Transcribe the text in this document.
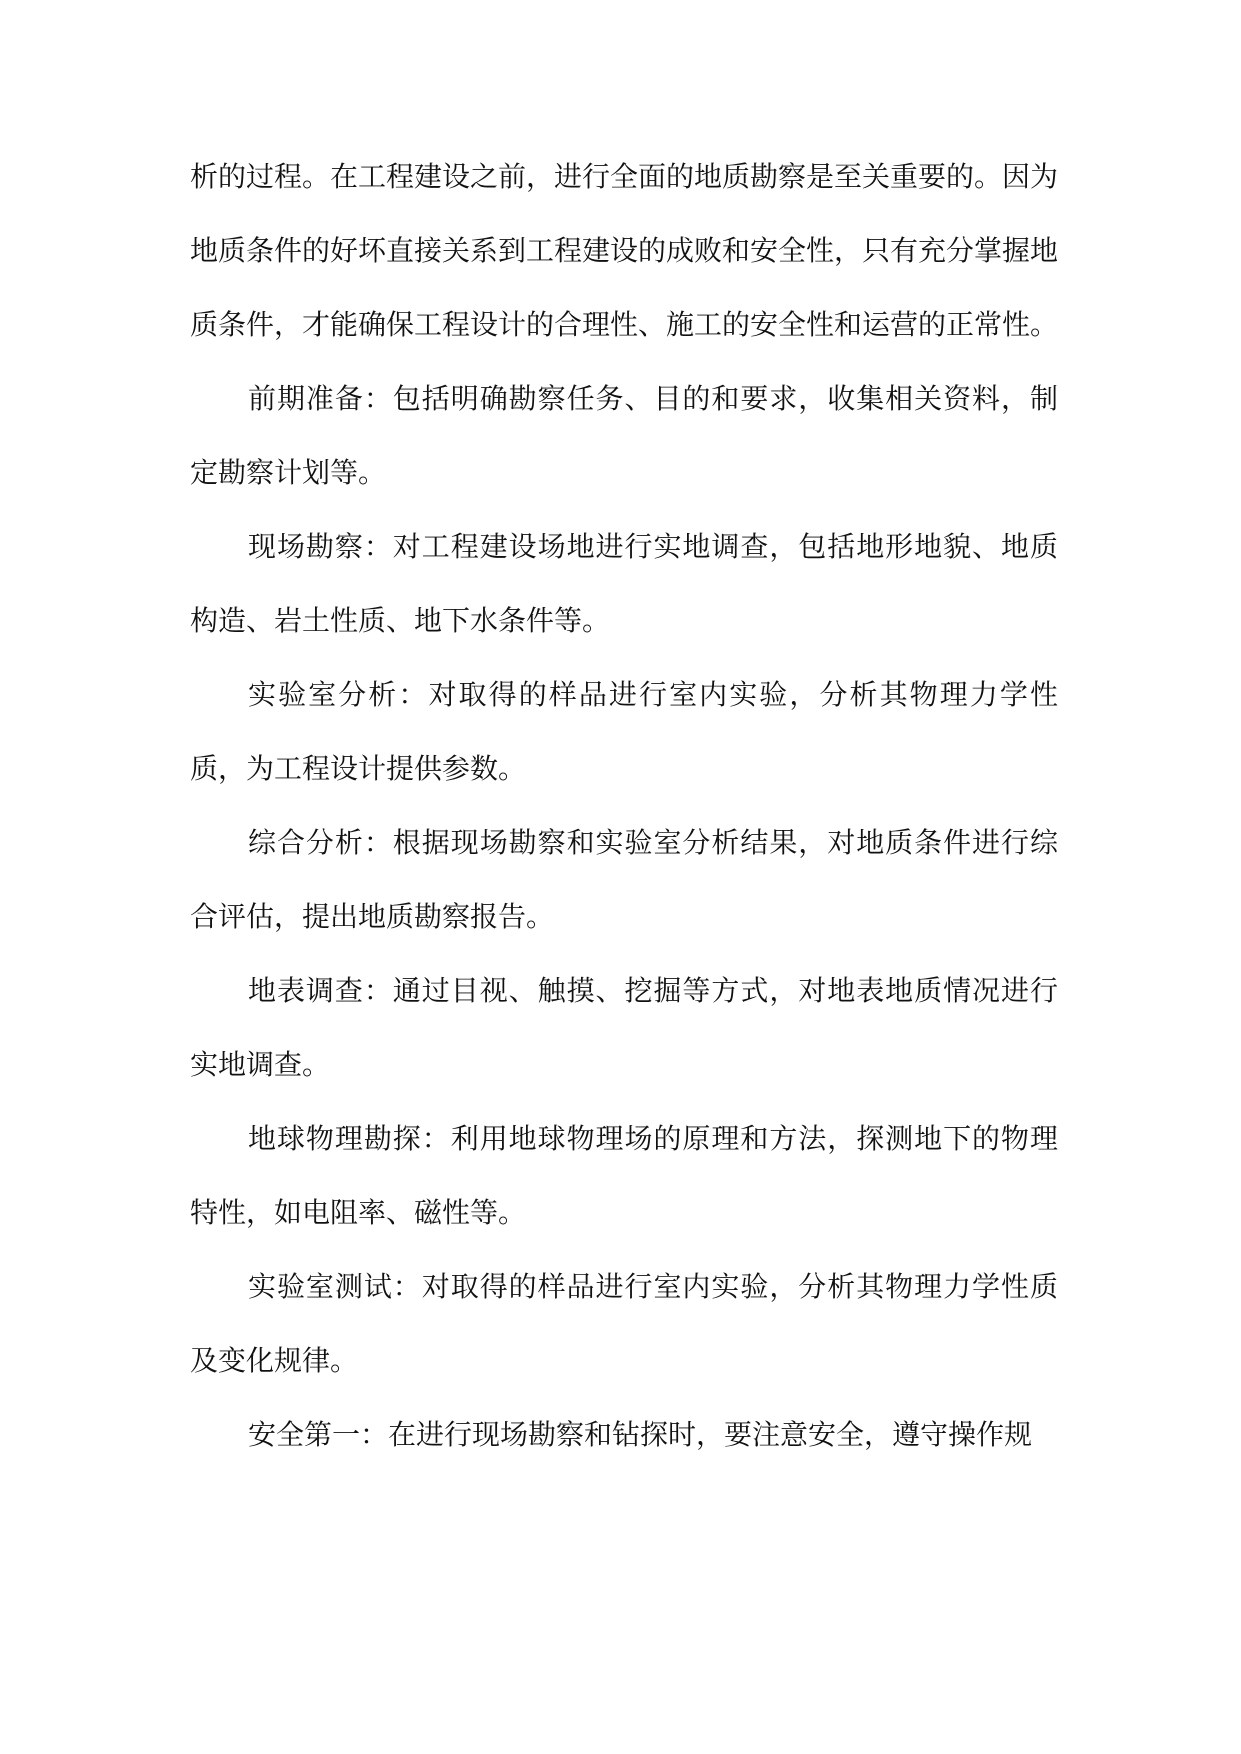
析的过程。在工程建设之前，进行全面的地质勘察是至关重要的。因为地质条件的好坏直接关系到工程建设的成败和安全性，只有充分掌握地质条件，才能确保工程设计的合理性、施工的安全性和运营的正常性。

前期准备：包括明确勘察任务、目的和要求，收集相关资料，制定勘察计划等。

现场勘察：对工程建设场地进行实地调查，包括地形地貌、地质构造、岩土性质、地下水条件等。

实验室分析：对取得的样品进行室内实验，分析其物理力学性质，为工程设计提供参数。

综合分析：根据现场勘察和实验室分析结果，对地质条件进行综合评估，提出地质勘察报告。

地表调查：通过目视、触摸、挖掘等方式，对地表地质情况进行实地调查。

地球物理勘探：利用地球物理场的原理和方法，探测地下的物理特性，如电阻率、磁性等。

实验室测试：对取得的样品进行室内实验，分析其物理力学性质及变化规律。

安全第一：在进行现场勘察和钻探时，要注意安全，遵守操作规
